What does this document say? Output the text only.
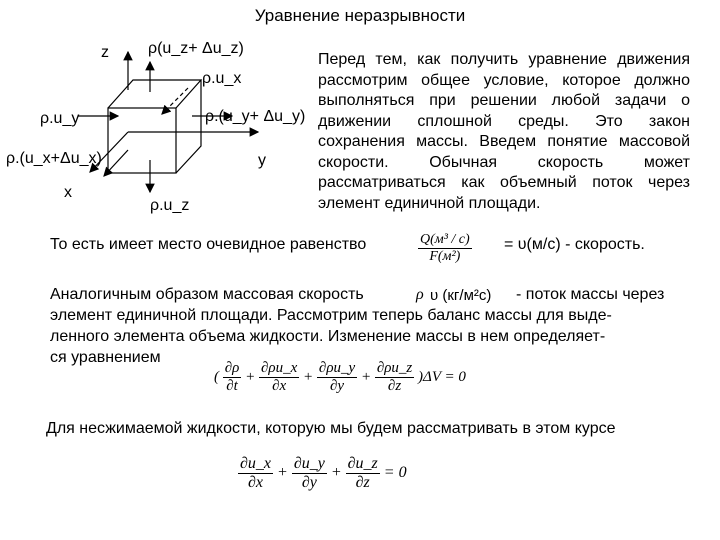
Уравнение неразрывности
z
x
y
ρ(u_z+ Δu_z)
ρ.u_x
ρ.u_y	ρ.(u_y+ Δu_y)
ρ.(u_x+Δu_x)
ρ.u_z
Перед тем, как получить уравнение движения рассмотрим общее условие, которое должно выполняться при решении любой задачи о движении сплошной среды. Это закон сохранения массы. Введем понятие массовой скорости. Обычная скорость может рассматриваться как объемный поток через элемент единичной площади.
То есть имеет место очевидное равенство	Q(м³ / c)
F(м²)
= υ(м/с) - скорость.
Аналогичным образом массовая скорость	ρ υ (кг/м²с) - поток массы через
элемент единичной площади. Рассмотрим теперь баланс массы для выде-
ленного элемента объема жидкости. Изменение массы в нем определяет-
ся уравнением
( $\frac{\partial\rho}{\partial t} + \frac{\partial\rho u\_x}{\partial x} + \frac{\partial\rho u\_y}{\partial y} + \frac{\partial\rho u\_z}{\partial z} )\Delta V = 0$
Для несжимаемой жидкости, которую мы будем рассматривать в этом курсе
$\frac{\partial u\_x}{\partial x} + \frac{\partial u\_y}{\partial y} + \frac{\partial u\_z}{\partial z} = 0$
